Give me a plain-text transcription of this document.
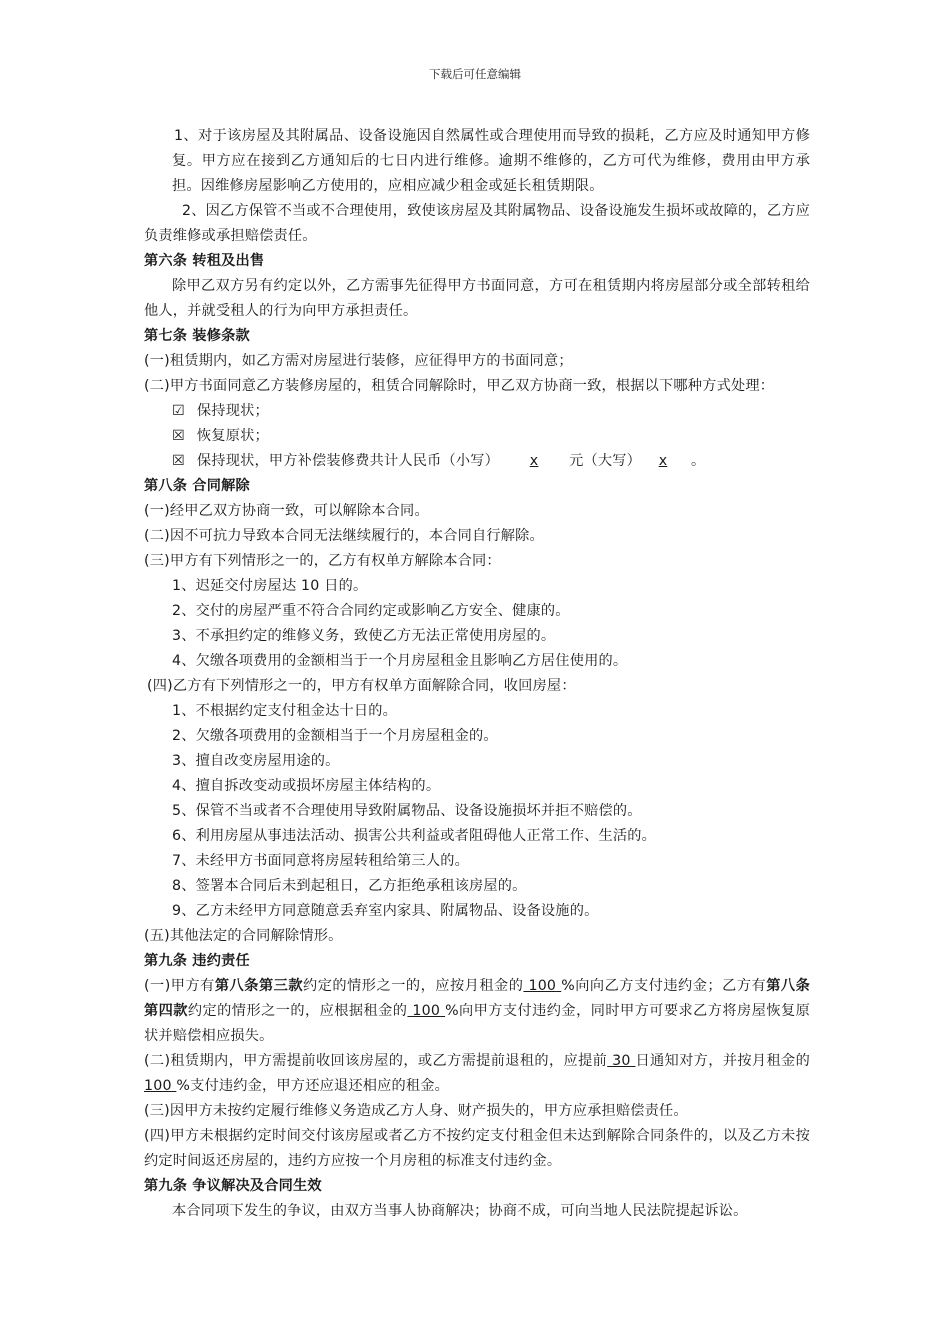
下载后可任意编辑
1、对于该房屋及其附属品、设备设施因自然属性或合理使用而导致的损耗，乙方应及时通知甲方修复。甲方应在接到乙方通知后的七日内进行维修。逾期不维修的，乙方可代为维修，费用由甲方承担。因维修房屋影响乙方使用的，应相应减少租金或延长租赁期限。
2、因乙方保管不当或不合理使用，致使该房屋及其附属物品、设备设施发生损坏或故障的，乙方应负责维修或承担赔偿责任。
第六条 转租及出售
除甲乙双方另有约定以外，乙方需事先征得甲方书面同意，方可在租赁期内将房屋部分或全部转租给他人，并就受租人的行为向甲方承担责任。
第七条 装修条款
(一)租赁期内，如乙方需对房屋进行装修，应征得甲方的书面同意；
(二)甲方书面同意乙方装修房屋的，租赁合同解除时，甲乙双方协商一致，根据以下哪种方式处理：
☑ 保持现状；
☒ 恢复原状；
☒ 保持现状，甲方补偿装修费共计人民币（小写） x 元（大写） x 。
第八条 合同解除
(一)经甲乙双方协商一致，可以解除本合同。
(二)因不可抗力导致本合同无法继续履行的，本合同自行解除。
(三)甲方有下列情形之一的，乙方有权单方解除本合同：
1、迟延交付房屋达 10 日的。
2、交付的房屋严重不符合合同约定或影响乙方安全、健康的。
3、不承担约定的维修义务，致使乙方无法正常使用房屋的。
4、欠缴各项费用的金额相当于一个月房屋租金且影响乙方居住使用的。
(四)乙方有下列情形之一的，甲方有权单方面解除合同，收回房屋：
1、不根据约定支付租金达十日的。
2、欠缴各项费用的金额相当于一个月房屋租金的。
3、擅自改变房屋用途的。
4、擅自拆改变动或损坏房屋主体结构的。
5、保管不当或者不合理使用导致附属物品、设备设施损坏并拒不赔偿的。
6、利用房屋从事违法活动、损害公共利益或者阻碍他人正常工作、生活的。
7、未经甲方书面同意将房屋转租给第三人的。
8、签署本合同后未到起租日，乙方拒绝承租该房屋的。
9、乙方未经甲方同意随意丢弃室内家具、附属物品、设备设施的。
(五)其他法定的合同解除情形。
第九条 违约责任
(一)甲方有第八条第三款约定的情形之一的，应按月租金的 100 %向向乙方支付违约金；乙方有第八条第四款约定的情形之一的，应根据租金的 100 %向甲方支付违约金，同时甲方可要求乙方将房屋恢复原状并赔偿相应损失。
(二)租赁期内，甲方需提前收回该房屋的，或乙方需提前退租的，应提前 30 日通知对方，并按月租金的100 %支付违约金，甲方还应退还相应的租金。
(三)因甲方未按约定履行维修义务造成乙方人身、财产损失的，甲方应承担赔偿责任。
(四)甲方未根据约定时间交付该房屋或者乙方不按约定支付租金但未达到解除合同条件的，以及乙方未按约定时间返还房屋的，违约方应按一个月房租的标准支付违约金。
第九条 争议解决及合同生效
本合同项下发生的争议，由双方当事人协商解决；协商不成，可向当地人民法院提起诉讼。
